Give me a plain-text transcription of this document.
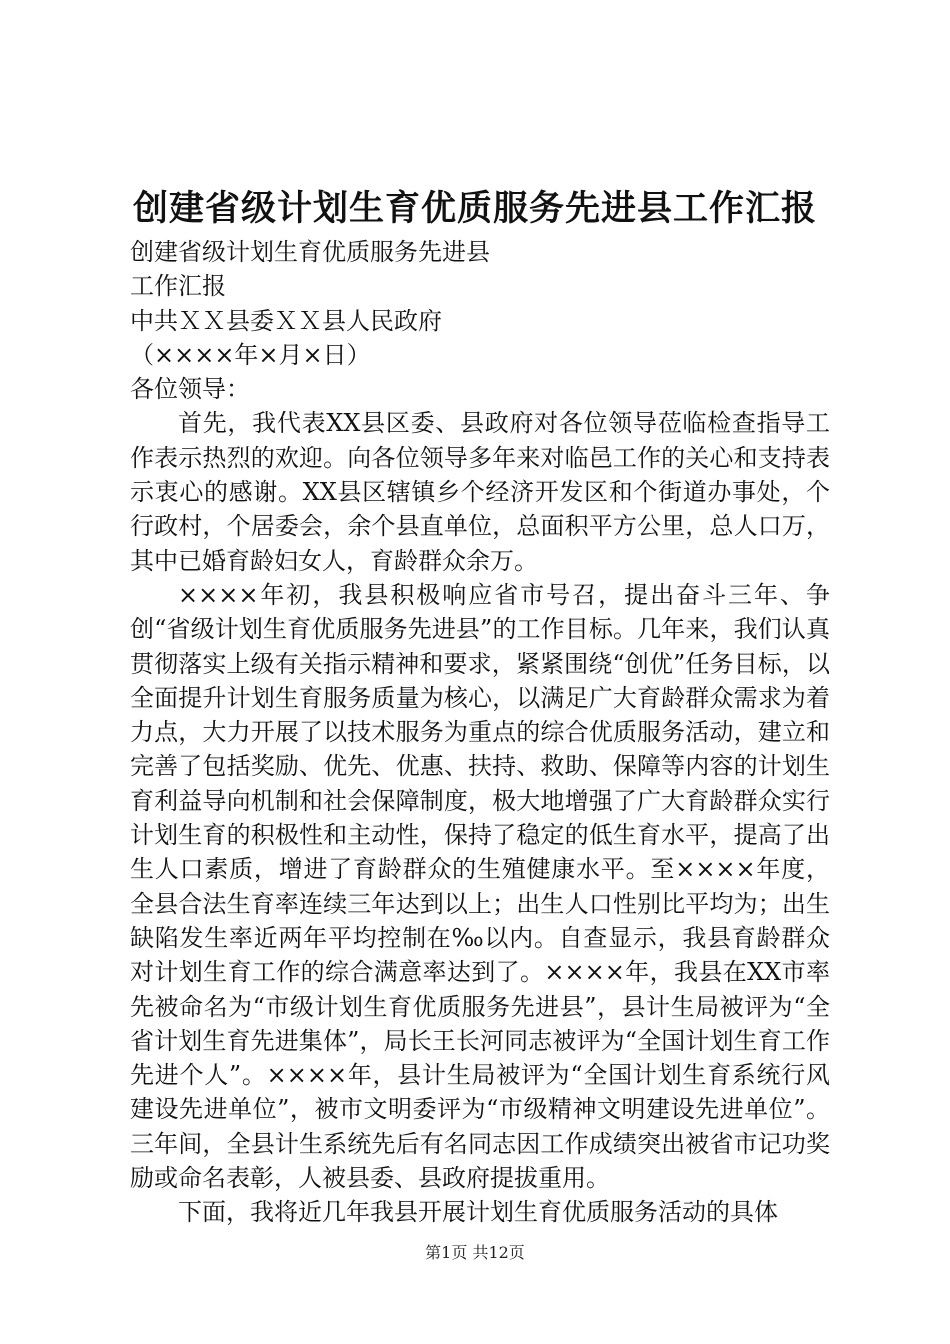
创建省级计划生育优质服务先进县工作汇报

创建省级计划生育优质服务先进县

工作汇报

中共ＸＸ县委ＸＸ县人民政府

（××××年×月×日）

各位领导：

首先，我代表XX县区委、县政府对各位领导莅临检查指导工作表示热烈的欢迎。向各位领导多年来对临邑工作的关心和支持表示衷心的感谢。XX县区辖镇乡个经济开发区和个街道办事处，个行政村，个居委会，余个县直单位，总面积平方公里，总人口万，其中已婚育龄妇女人，育龄群众余万。

××××年初，我县积极响应省市号召，提出奋斗三年、争创“省级计划生育优质服务先进县”的工作目标。几年来，我们认真贯彻落实上级有关指示精神和要求，紧紧围绕“创优”任务目标，以全面提升计划生育服务质量为核心，以满足广大育龄群众需求为着力点，大力开展了以技术服务为重点的综合优质服务活动，建立和完善了包括奖励、优先、优惠、扶持、救助、保障等内容的计划生育利益导向机制和社会保障制度，极大地增强了广大育龄群众实行计划生育的积极性和主动性，保持了稳定的低生育水平，提高了出生人口素质，增进了育龄群众的生殖健康水平。至××××年度，全县合法生育率连续三年达到以上；出生人口性别比平均为；出生缺陷发生率近两年平均控制在‰以内。自查显示，我县育龄群众对计划生育工作的综合满意率达到了。××××年，我县在XX市率先被命名为“市级计划生育优质服务先进县”，县计生局被评为“全省计划生育先进集体”，局长王长河同志被评为“全国计划生育工作先进个人”。××××年，县计生局被评为“全国计划生育系统行风建设先进单位”，被市文明委评为“市级精神文明建设先进单位”。三年间，全县计生系统先后有名同志因工作成绩突出被省市记功奖励或命名表彰，人被县委、县政府提拔重用。

下面，我将近几年我县开展计划生育优质服务活动的具体

第1页 共12页
